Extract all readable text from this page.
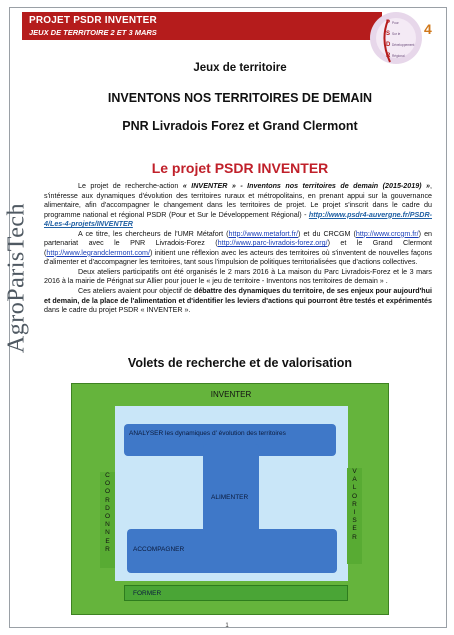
PROJET PSDR INVENTER
JEUX DE TERRITOIRE 2 ET 3 MARS	4
P Pour
S Sur le
D Développement
R Régional
AgroParisTech
Jeux de territoire
INVENTONS NOS TERRITOIRES DE DEMAIN
PNR Livradois Forez et Grand Clermont
Le projet PSDR INVENTER

Le projet de recherche-action « INVENTER » - Inventons nos territoires de demain (2015-2019) », s'intéresse aux dynamiques d'évolution des territoires ruraux et métropolitains, en prenant appui sur la gouvernance alimentaire, afin d'accompagner le changement dans les territoires de projet. Le projet s'inscrit dans le cadre du programme national et régional PSDR (Pour et Sur le Développement Régional) - http://www.psdr4-auvergne.fr/PSDR-4/Les-4-projets/INVENTER

A ce titre, les chercheurs de l'UMR Métafort (http://www.metafort.fr/) et du CRCGM (http://www.crcgm.fr/) en partenariat avec le PNR Livradois-Forez (http://www.parc-livradois-forez.org/) et le Grand Clermont (http://www.legrandclermont.com/) initient une réflexion avec les acteurs des territoires où s'inventent de nouvelles façons d'alimenter et d'accompagner les territoires, tant sous l'impulsion de politiques territorialisées que d'actions collectives.

Deux ateliers participatifs ont été organisés le 2 mars 2016 à La maison du Parc Livradois-Forez et le 3 mars 2016 à la mairie de Pérignat sur Allier pour jouer le « jeu de territoire - Inventons nos territoires de demain » .

Ces ateliers avaient pour objectif de débattre des dynamiques du territoire, de ses enjeux pour aujourd'hui et demain, de la place de l'alimentation et d'identifier les leviers d'actions qui pourront être testés et expérimentés dans le cadre du projet PSDR « INVENTER ».

Volets de recherche et de valorisation
INVENTER
C
O
O
R
D
O
N
N
E
R
V
A
L
O
R
I
S
E
R
ANALYSER les dynamiques d' évolution des territoires
ALIMENTER
ACCOMPAGNER
FORMER
1
